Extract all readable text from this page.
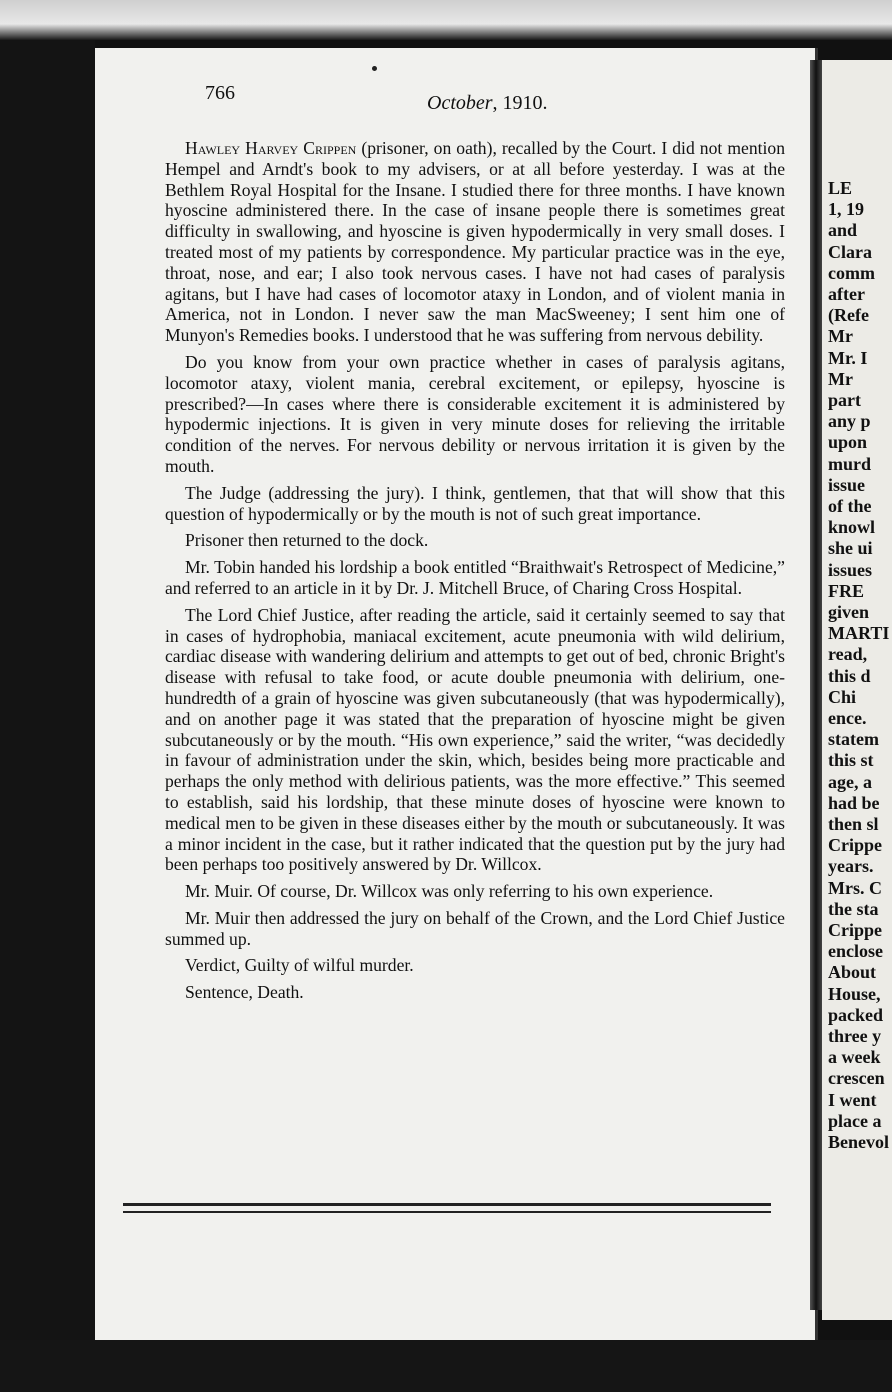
766	October, 1910.

Hawley Harvey Crippen (prisoner, on oath), recalled by the Court. I did not mention Hempel and Arndt's book to my advisers, or at all before yesterday. I was at the Bethlem Royal Hospital for the Insane. I studied there for three months. I have known hyoscine administered there. In the case of insane people there is sometimes great difficulty in swallowing, and hyoscine is given hypodermically in very small doses. I treated most of my patients by correspondence. My particular practice was in the eye, throat, nose, and ear; I also took nervous cases. I have not had cases of paralysis agitans, but I have had cases of locomotor ataxy in London, and of violent mania in America, not in London. I never saw the man MacSweeney; I sent him one of Munyon's Remedies books. I understood that he was suffering from nervous debility.

Do you know from your own practice whether in cases of paralysis agitans, locomotor ataxy, violent mania, cerebral excitement, or epilepsy, hyoscine is prescribed?—In cases where there is considerable excitement it is administered by hypodermic injections. It is given in very minute doses for relieving the irritable condition of the nerves. For nervous debility or nervous irritation it is given by the mouth.

The Judge (addressing the jury). I think, gentlemen, that that will show that this question of hypodermically or by the mouth is not of such great importance.

Prisoner then returned to the dock.

Mr. Tobin handed his lordship a book entitled “Braithwait's Retrospect of Medicine,” and referred to an article in it by Dr. J. Mitchell Bruce, of Charing Cross Hospital.

The Lord Chief Justice, after reading the article, said it certainly seemed to say that in cases of hydrophobia, maniacal excitement, acute pneumonia with wild delirium, cardiac disease with wandering delirium and attempts to get out of bed, chronic Bright's disease with refusal to take food, or acute double pneumonia with delirium, one-hundredth of a grain of hyoscine was given subcutaneously (that was hypodermically), and on another page it was stated that the preparation of hyoscine might be given subcutaneously or by the mouth. “His own experience,” said the writer, “was decidedly in favour of administration under the skin, which, besides being more practicable and perhaps the only method with delirious patients, was the more effective.” This seemed to establish, said his lordship, that these minute doses of hyoscine were known to medical men to be given in these diseases either by the mouth or subcutaneously. It was a minor incident in the case, but it rather indicated that the question put by the jury had been perhaps too positively answered by Dr. Willcox.

Mr. Muir. Of course, Dr. Willcox was only referring to his own experience.

Mr. Muir then addressed the jury on behalf of the Crown, and the Lord Chief Justice summed up.

Verdict, Guilty of wilful murder.

Sentence, Death.

LE
1, 19
and
Clara
comm
after
(Refe
Mr
Mr. I
Mr
part
any p
upon
murd
issue
of the
knowl
she ui
issues
FRE
given
MARTI
read,
this d
Chi
ence.
statem
this st
age, a
had be
then sl
Crippe
years.
Mrs. C
the sta
Crippe
enclose
About
House,
packed
three y
a week
crescen
I went
place a
Benevol
